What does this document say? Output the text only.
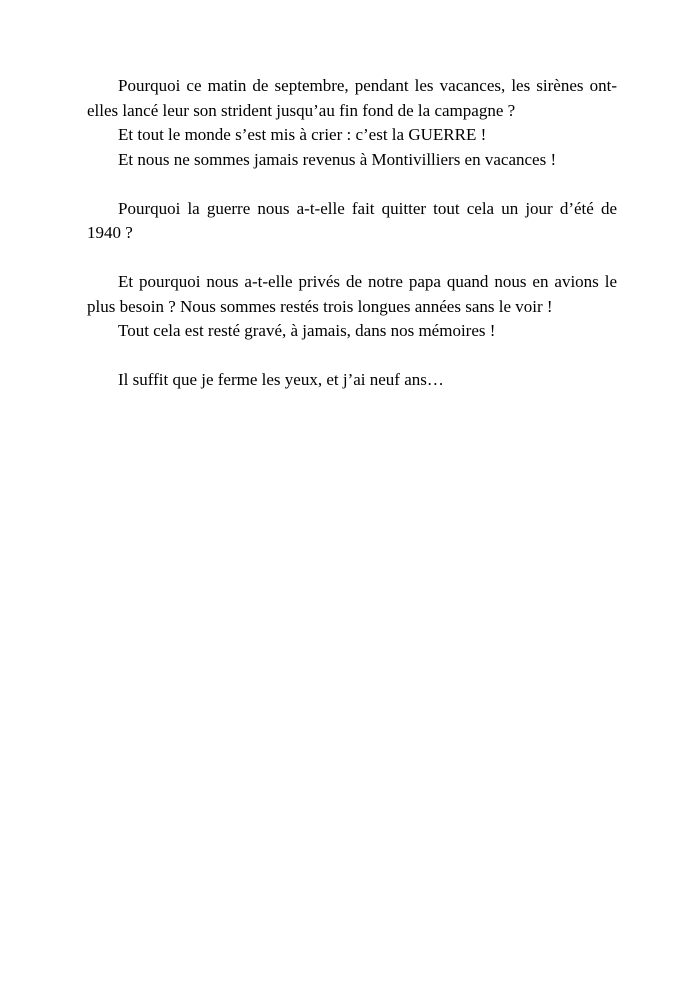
Pourquoi ce matin de septembre, pendant les vacances, les sirènes ont-elles lancé leur son strident jusqu’au fin fond de la campagne ?

Et tout le monde s’est mis à crier : c’est la GUERRE !

Et nous ne sommes jamais revenus à Montivilliers en vacances !

Pourquoi la guerre nous a-t-elle fait quitter tout cela un jour d’été de 1940 ?

Et pourquoi nous a-t-elle privés de notre papa quand nous en avions le plus besoin ? Nous sommes restés trois longues années sans le voir !

Tout cela est resté gravé, à jamais, dans nos mémoires !

Il suffit que je ferme les yeux, et j’ai neuf ans…
